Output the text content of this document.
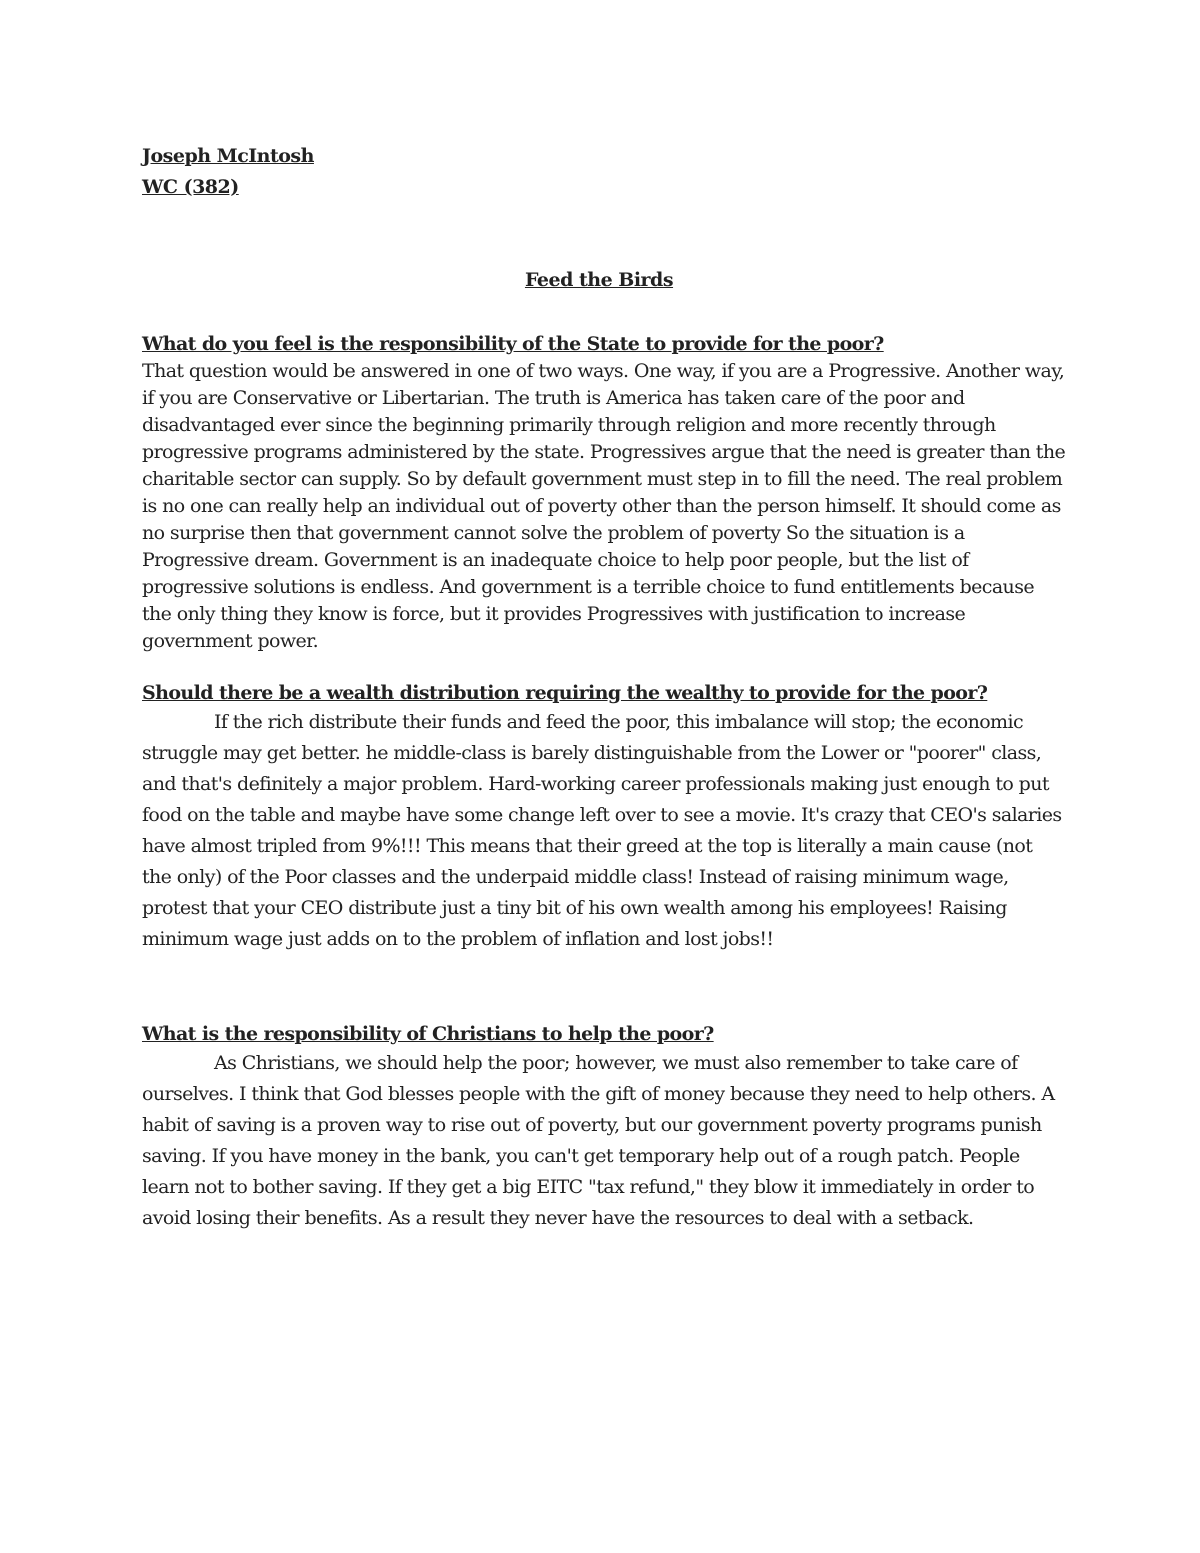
Joseph McIntosh
WC (382)
Feed the Birds
What do you feel is the responsibility of the State to provide for the poor?

That question would be answered in one of two ways. One way, if you are a Progressive. Another way, if you are Conservative or Libertarian. The truth is America has taken care of the poor and disadvantaged ever since the beginning primarily through religion and more recently through progressive programs administered by the state. Progressives argue that the need is greater than the charitable sector can supply. So by default government must step in to fill the need. The real problem is no one can really help an individual out of poverty other than the person himself. It should come as no surprise then that government cannot solve the problem of poverty So the situation is a Progressive dream. Government is an inadequate choice to help poor people, but the list of progressive solutions is endless. And government is a terrible choice to fund entitlements because the only thing they know is force, but it provides Progressives with justification to increase government power.

Should there be a wealth distribution requiring the wealthy to provide for the poor?

If the rich distribute their funds and feed the poor, this imbalance will stop; the economic struggle may get better. he middle-class is barely distinguishable from the Lower or "poorer" class, and that's definitely a major problem. Hard-working career professionals making just enough to put food on the table and maybe have some change left over to see a movie. It's crazy that CEO's salaries have almost tripled from 9%!!! This means that their greed at the top is literally a main cause (not the only) of the Poor classes and the underpaid middle class! Instead of raising minimum wage, protest that your CEO distribute just a tiny bit of his own wealth among his employees! Raising minimum wage just adds on to the problem of inflation and lost jobs!!

What is the responsibility of Christians to help the poor?

As Christians, we should help the poor; however, we must also remember to take care of ourselves. I think that God blesses people with the gift of money because they need to help others. A habit of saving is a proven way to rise out of poverty, but our government poverty programs punish saving. If you have money in the bank, you can't get temporary help out of a rough patch. People learn not to bother saving. If they get a big EITC "tax refund," they blow it immediately in order to avoid losing their benefits. As a result they never have the resources to deal with a setback.
